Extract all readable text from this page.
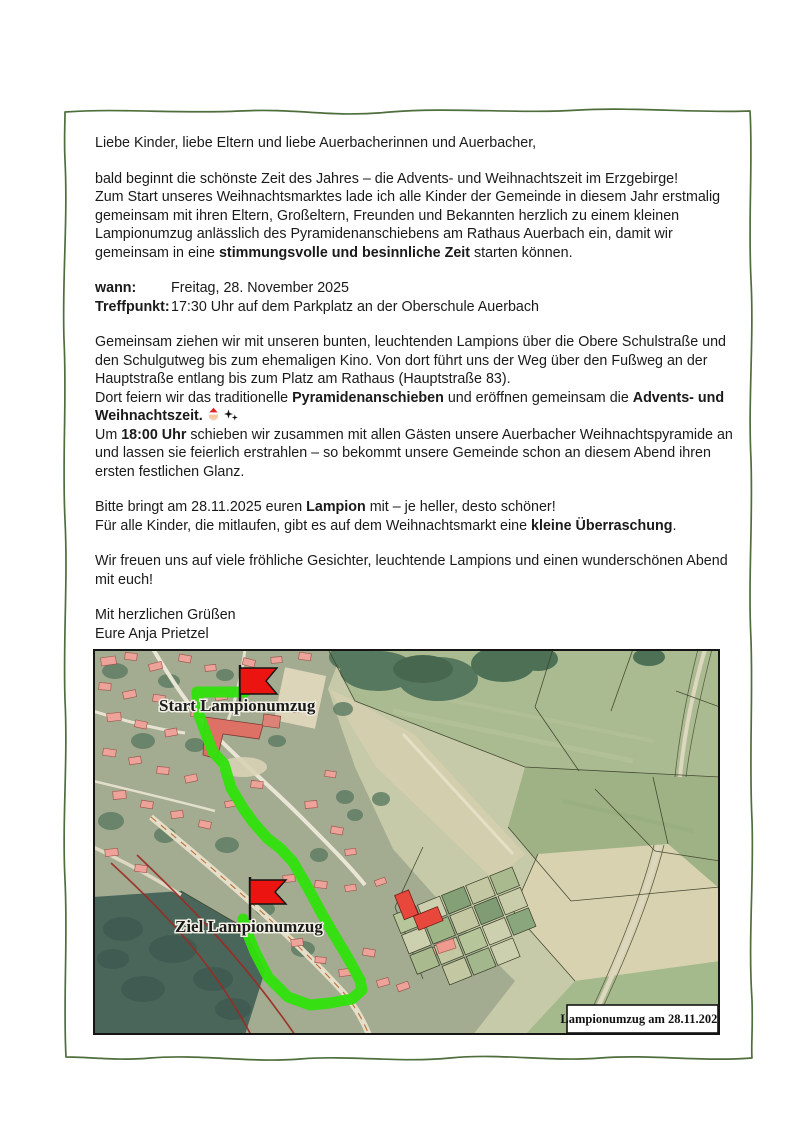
Liebe Kinder, liebe Eltern und liebe Auerbacherinnen und Auerbacher,
bald beginnt die schönste Zeit des Jahres – die Advents- und Weihnachtszeit im Erzgebirge!
Zum Start unseres Weihnachtsmarktes lade ich alle Kinder der Gemeinde in diesem Jahr erstmalig
gemeinsam mit ihren Eltern, Großeltern, Freunden und Bekannten herzlich zu einem kleinen
Lampionumzug anlässlich des Pyramidenanschiebens am Rathaus Auerbach ein, damit wir
gemeinsam in eine stimmungsvolle und besinnliche Zeit starten können.
wann: Freitag, 28. November 2025
Treffpunkt:17:30 Uhr auf dem Parkplatz an der Oberschule Auerbach
Gemeinsam ziehen wir mit unseren bunten, leuchtenden Lampions über die Obere Schulstraße und
den Schulgutweg bis zum ehemaligen Kino. Von dort führt uns der Weg über den Fußweg an der
Hauptstraße entlang bis zum Platz am Rathaus (Hauptstraße 83).
Dort feiern wir das traditionelle Pyramidenanschieben und eröffnen gemeinsam die Advents- und
Weihnachtszeit.
Um 18:00 Uhr schieben wir zusammen mit allen Gästen unsere Auerbacher Weihnachtspyramide an
und lassen sie feierlich erstrahlen – so bekommt unsere Gemeinde schon an diesem Abend ihren
ersten festlichen Glanz.
Bitte bringt am 28.11.2025 euren Lampion mit – je heller, desto schöner!
Für alle Kinder, die mitlaufen, gibt es auf dem Weihnachtsmarkt eine kleine Überraschung.
Wir freuen uns auf viele fröhliche Gesichter, leuchtende Lampions und einen wunderschönen Abend
mit euch!
Mit herzlichen Grüßen
Eure Anja Prietzel
Start Lampionumzug
Ziel Lampionumzug
Lampionumzug am 28.11.2025
